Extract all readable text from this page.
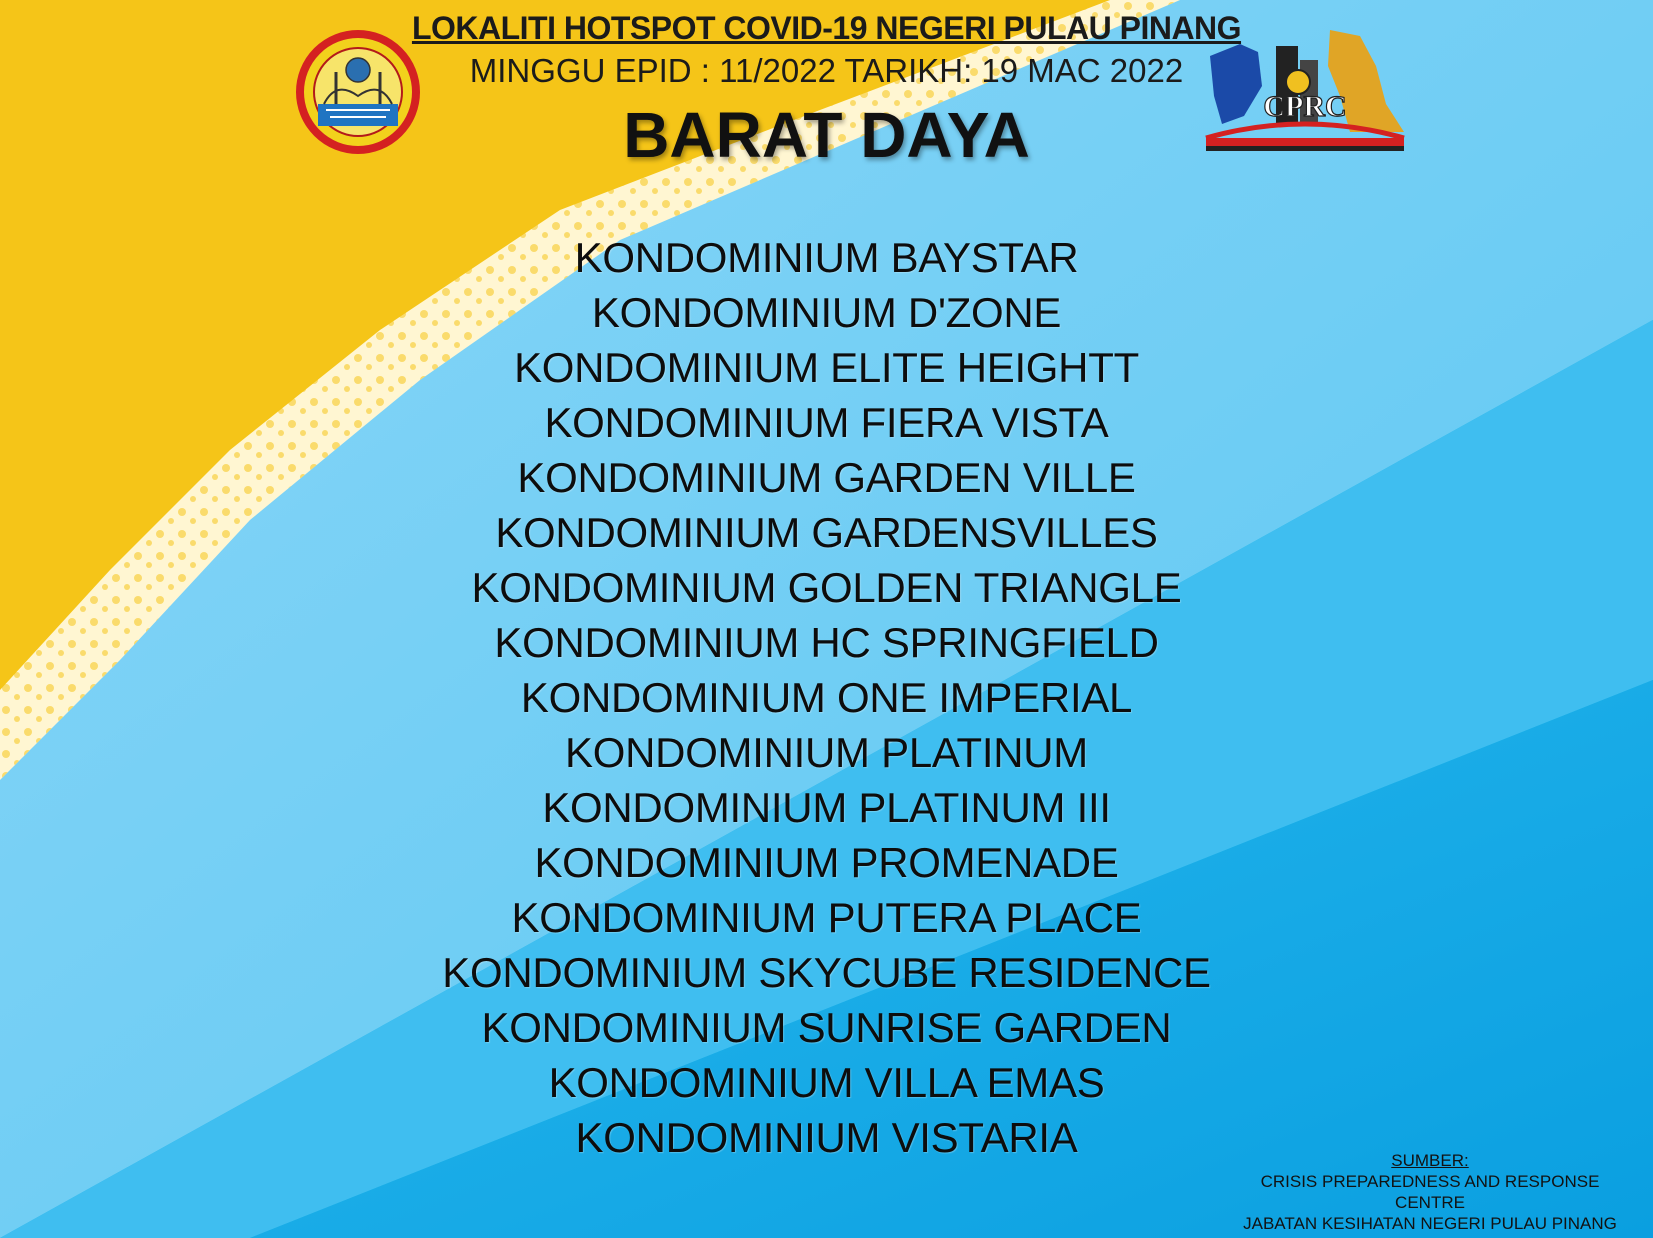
CPRC
LOKALITI HOTSPOT COVID-19 NEGERI PULAU PINANG
MINGGU EPID : 11/2022 TARIKH: 19 MAC 2022
BARAT DAYA
KONDOMINIUM BAYSTAR
KONDOMINIUM D'ZONE
KONDOMINIUM ELITE HEIGHTT
KONDOMINIUM FIERA VISTA
KONDOMINIUM GARDEN VILLE
KONDOMINIUM GARDENSVILLES
KONDOMINIUM GOLDEN TRIANGLE
KONDOMINIUM HC SPRINGFIELD
KONDOMINIUM ONE IMPERIAL
KONDOMINIUM PLATINUM
KONDOMINIUM PLATINUM III
KONDOMINIUM PROMENADE
KONDOMINIUM PUTERA PLACE
KONDOMINIUM SKYCUBE RESIDENCE
KONDOMINIUM SUNRISE GARDEN
KONDOMINIUM VILLA EMAS
KONDOMINIUM VISTARIA	SUMBER:
CRISIS PREPAREDNESS AND RESPONSE
CENTRE
JABATAN KESIHATAN NEGERI PULAU PINANG
